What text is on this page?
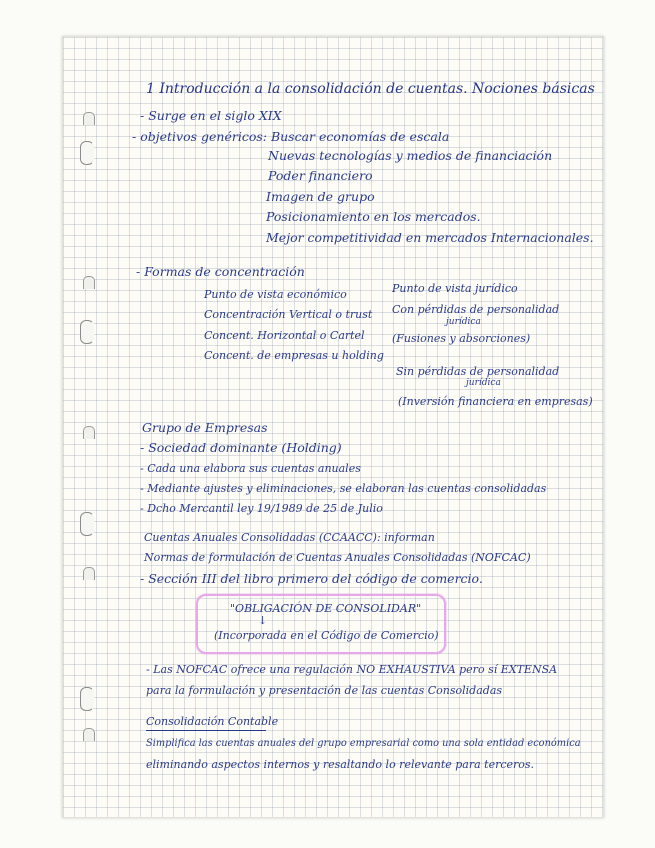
1 Introducción a la consolidación de cuentas. Nociones básicas
- Surge en el siglo XIX
- objetivos genéricos: Buscar economías de escala
Nuevas tecnologías y medios de financiación
Poder financiero
Imagen de grupo
Posicionamiento en los mercados.
Mejor competitividad en mercados Internacionales.
- Formas de concentración
Punto de vista económico
Concentración Vertical o trust
Concent. Horizontal o Cartel
Concent. de empresas u holding
Punto de vista jurídico
Con pérdidas de personalidad
jurídica
(Fusiones y absorciones)
Sin pérdidas de personalidad
jurídica
(Inversión financiera en empresas)
Grupo de Empresas
- Sociedad dominante (Holding)
- Cada una elabora sus cuentas anuales
- Mediante ajustes y eliminaciones, se elaboran las cuentas consolidadas
- Dcho Mercantil ley 19/1989 de 25 de Julio
Cuentas Anuales Consolidadas (CCAACC): informan
Normas de formulación de Cuentas Anuales Consolidadas (NOFCAC)
- Sección III del libro primero del código de comercio.
"OBLIGACIÓN DE CONSOLIDAR"
↓
(Incorporada en el Código de Comercio)
- Las NOFCAC ofrece una regulación NO EXHAUSTIVA pero sí EXTENSA
para la formulación y presentación de las cuentas Consolidadas
Consolidación Contable
Simplifica las cuentas anuales del grupo empresarial como una sola entidad económica
eliminando aspectos internos y resaltando lo relevante para terceros.
